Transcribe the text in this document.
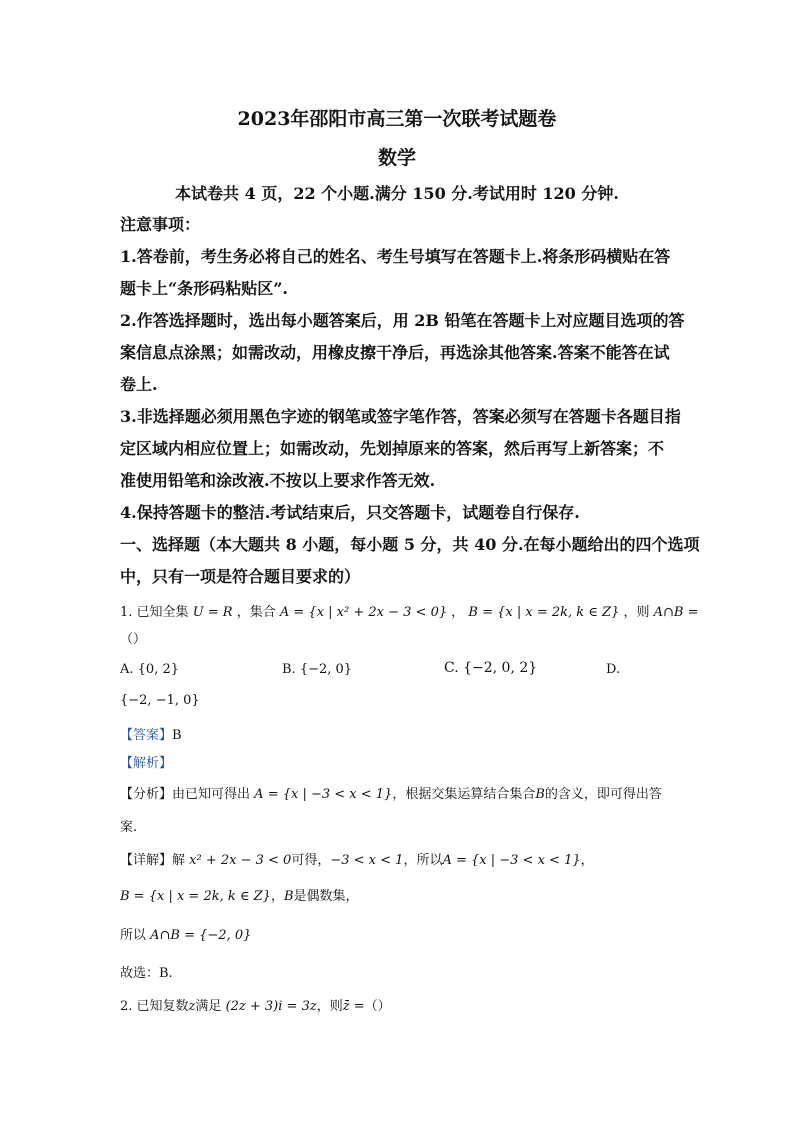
2023年邵阳市高三第一次联考试题卷
数学
本试卷共 4 页，22 个小题.满分 150 分.考试用时 120 分钟.
注意事项：
1.答卷前，考生务必将自己的姓名、考生号填写在答题卡上.将条形码横贴在答
题卡上“条形码粘贴区”.
2.作答选择题时，选出每小题答案后，用 2B 铅笔在答题卡上对应题目选项的答
案信息点涂黑；如需改动，用橡皮擦干净后，再选涂其他答案.答案不能答在试
卷上.
3.非选择题必须用黑色字迹的钢笔或签字笔作答，答案必须写在答题卡各题目指
定区域内相应位置上；如需改动，先划掉原来的答案，然后再写上新答案；不
准使用铅笔和涂改液.不按以上要求作答无效.
4.保持答题卡的整洁.考试结束后，只交答题卡，试题卷自行保存.
一、选择题（本大题共 8 小题，每小题 5 分，共 40 分.在每小题给出的四个选项
中，只有一项是符合题目要求的）
1. 已知全集 U = R ，集合 A = {x | x² + 2x − 3 < 0} ， B = {x | x = 2k, k ∈ Z} ，则 A∩B =
（）
A. {0, 2}	B. {−2, 0}	C. {−2, 0, 2}	D.
{−2, −1, 0}
【答案】B
【解析】
【分析】由已知可得出 A = {x | −3 < x < 1}，根据交集运算结合集合B的含义，即可得出答
案.
【详解】解 x² + 2x − 3 < 0可得，−3 < x < 1，所以A = {x | −3 < x < 1}，
B = {x | x = 2k, k ∈ Z}，B是偶数集，
所以 A∩B = {−2, 0}
故选：B.
2. 已知复数z满足 (2z + 3)i = 3z，则z̄ =（）
